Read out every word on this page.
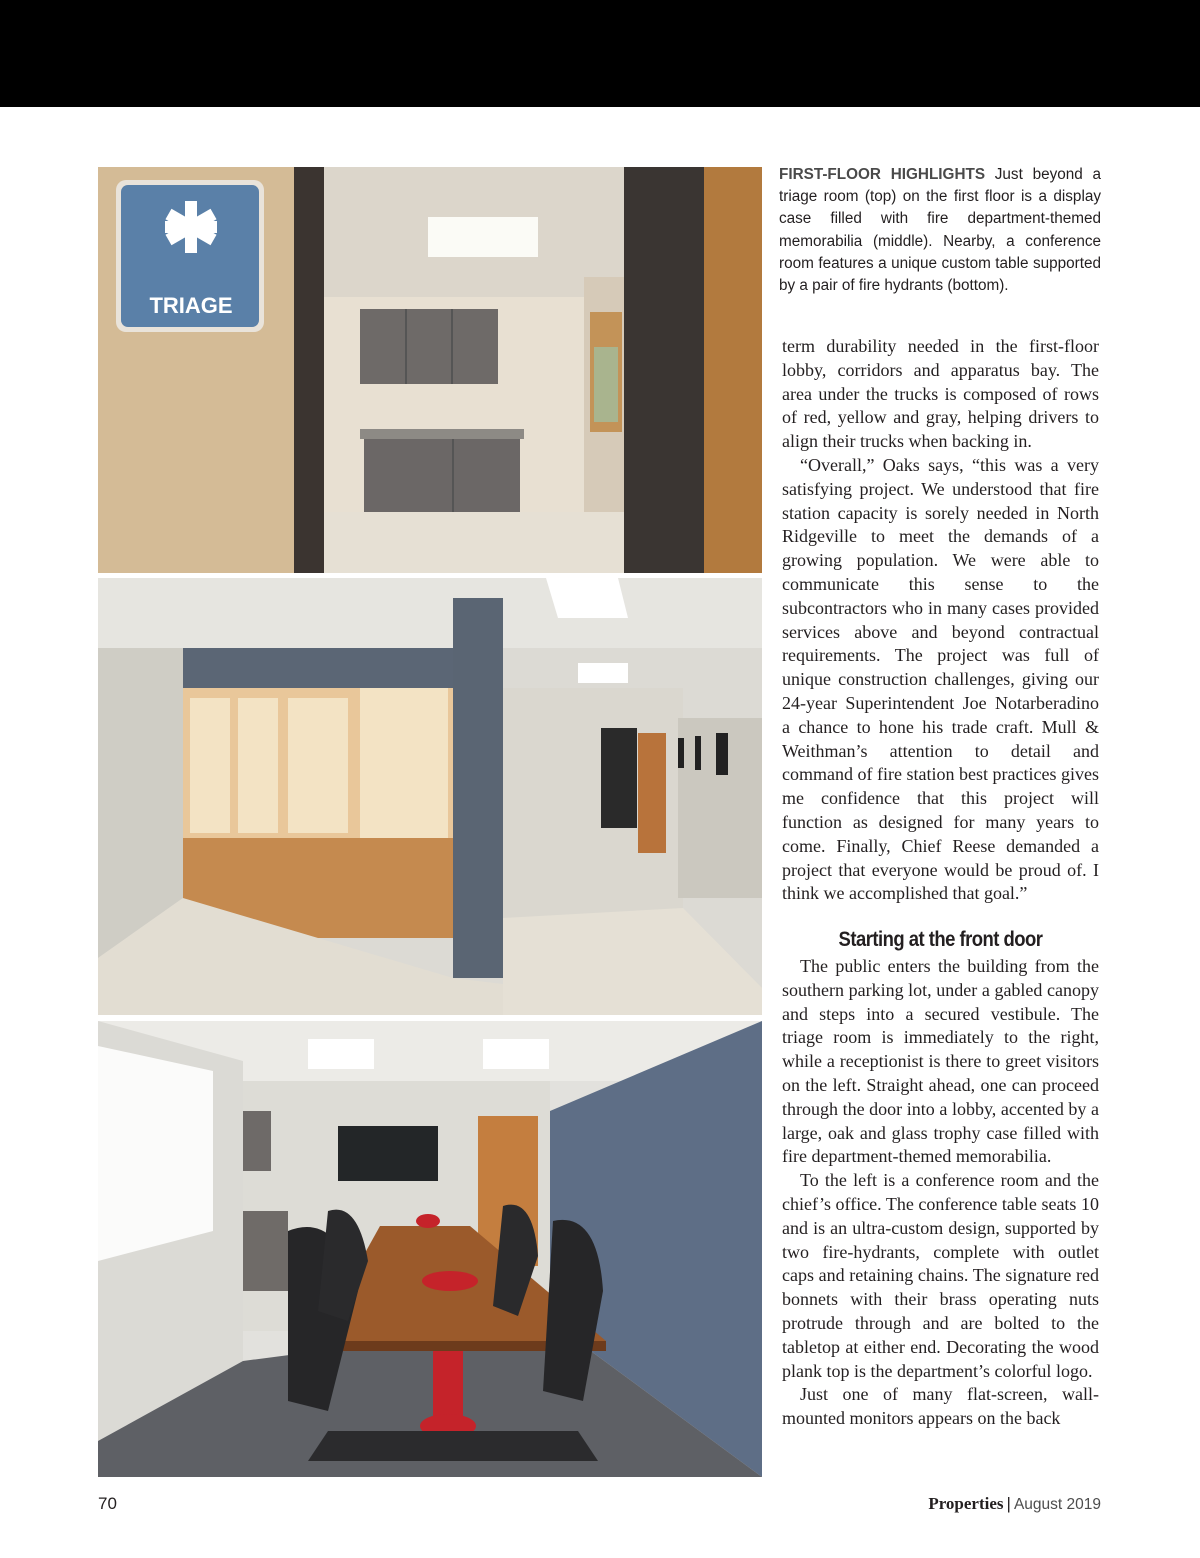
TRIAGE
FIRST-FLOOR HIGHLIGHTS Just beyond a triage room (top) on the first floor is a display case filled with fire department-themed memorabilia (middle). Nearby, a conference room features a unique custom table supported by a pair of fire hydrants (bottom).

term durability needed in the first-floor lobby, corridors and apparatus bay. The area under the trucks is composed of rows of red, yellow and gray, helping drivers to align their trucks when backing in.

“Overall,” Oaks says, “this was a very satisfying project. We understood that fire station capacity is sorely needed in North Ridgeville to meet the demands of a growing population. We were able to communicate this sense to the subcontractors who in many cases provided services above and beyond contractual requirements. The project was full of unique construction challenges, giving our 24-year Superintendent Joe Notarberadino a chance to hone his trade craft. Mull & Weithman’s attention to detail and command of fire station best practices gives me confidence that this project will function as designed for many years to come. Finally, Chief Reese demanded a project that everyone would be proud of. I think we accomplished that goal.”

Starting at the front door

The public enters the building from the southern parking lot, under a gabled canopy and steps into a secured vestibule. The triage room is immediately to the right, while a receptionist is there to greet visitors on the left. Straight ahead, one can proceed through the door into a lobby, accented by a large, oak and glass trophy case filled with fire department-themed memorabilia.

To the left is a conference room and the chief’s office. The conference table seats 10 and is an ultra-custom design, supported by two fire-hydrants, complete with outlet caps and retaining chains. The signature red bonnets with their brass operating nuts protrude through and are bolted to the tabletop at either end. Decorating the wood plank top is the department’s colorful logo.

Just one of many flat-screen, wall-mounted monitors appears on the back

70	Properties | August 2019
